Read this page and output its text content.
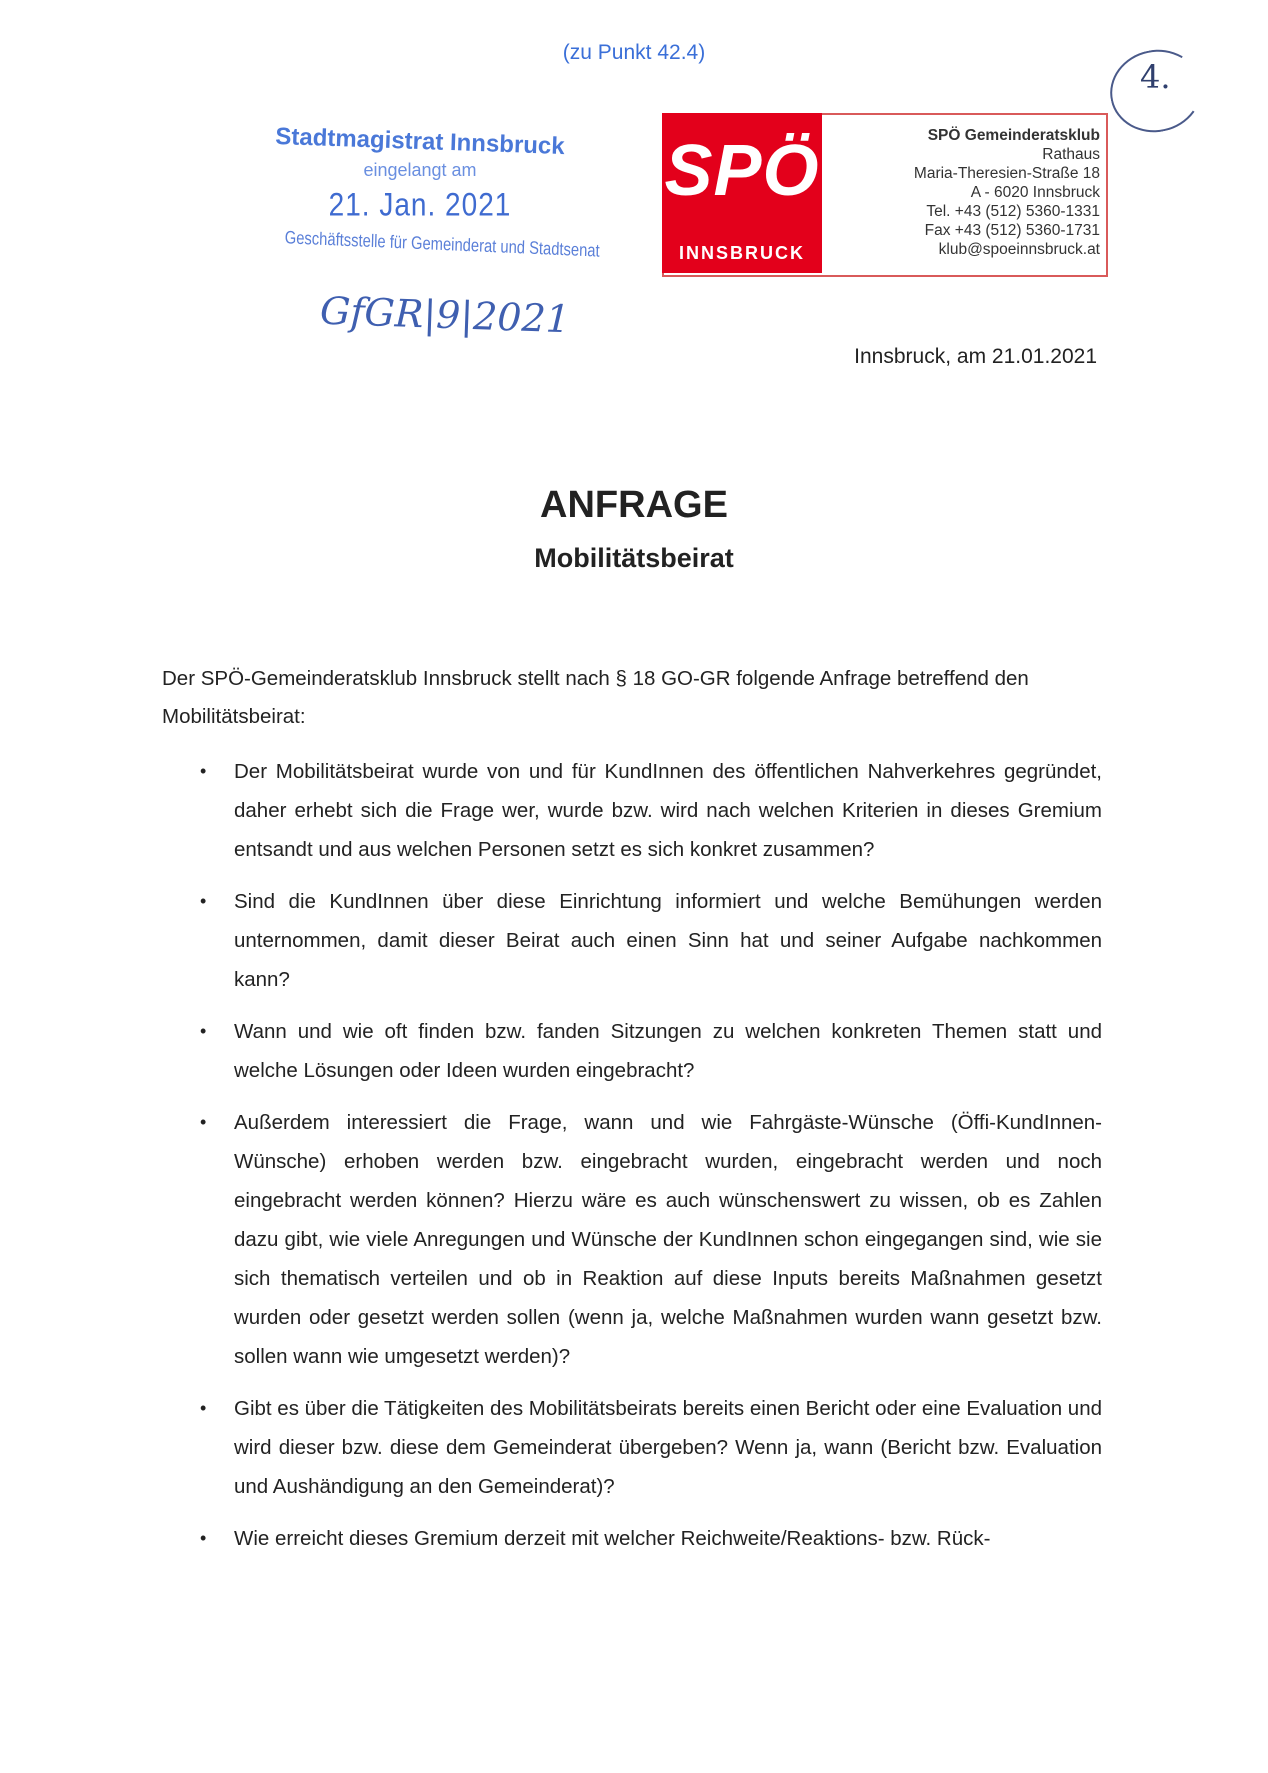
(zu Punkt 42.4)
4.
Stadtmagistrat Innsbruck
eingelangt am
21. Jan. 2021
Geschäftsstelle für Gemeinderat und Stadtsenat
GfGR|9|2021
SPÖ
INNSBRUCK
SPÖ Gemeinderatsklub
Rathaus
Maria-Theresien-Straße 18
A - 6020 Innsbruck
Tel. +43 (512) 5360-1331
Fax +43 (512) 5360-1731
klub@spoeinnsbruck.at
Innsbruck, am 21.01.2021
ANFRAGE
Mobilitätsbeirat
Der SPÖ-Gemeinderatsklub Innsbruck stellt nach § 18 GO-GR folgende Anfrage betreffend den Mobilitätsbeirat:
• Der Mobilitätsbeirat wurde von und für KundInnen des öffentlichen Nahverkehres gegründet, daher erhebt sich die Frage wer, wurde bzw. wird nach welchen Kriterien in dieses Gremium entsandt und aus welchen Personen setzt es sich konkret zusammen?
• Sind die KundInnen über diese Einrichtung informiert und welche Bemühungen werden unternommen, damit dieser Beirat auch einen Sinn hat und seiner Aufgabe nachkommen kann?
• Wann und wie oft finden bzw. fanden Sitzungen zu welchen konkreten Themen statt und welche Lösungen oder Ideen wurden eingebracht?
• Außerdem interessiert die Frage, wann und wie Fahrgäste-Wünsche (Öffi-KundInnen-Wünsche) erhoben werden bzw. eingebracht wurden, eingebracht werden und noch eingebracht werden können? Hierzu wäre es auch wünschenswert zu wissen, ob es Zahlen dazu gibt, wie viele Anregungen und Wünsche der KundInnen schon eingegangen sind, wie sie sich thematisch verteilen und ob in Reaktion auf diese Inputs bereits Maßnahmen gesetzt wurden oder gesetzt werden sollen (wenn ja, welche Maßnahmen wurden wann gesetzt bzw. sollen wann wie umgesetzt werden)?
• Gibt es über die Tätigkeiten des Mobilitätsbeirats bereits einen Bericht oder eine Evaluation und wird dieser bzw. diese dem Gemeinderat übergeben? Wenn ja, wann (Bericht bzw. Evaluation und Aushändigung an den Gemeinderat)?
• Wie erreicht dieses Gremium derzeit mit welcher Reichweite/Reaktions- bzw. Rück-
